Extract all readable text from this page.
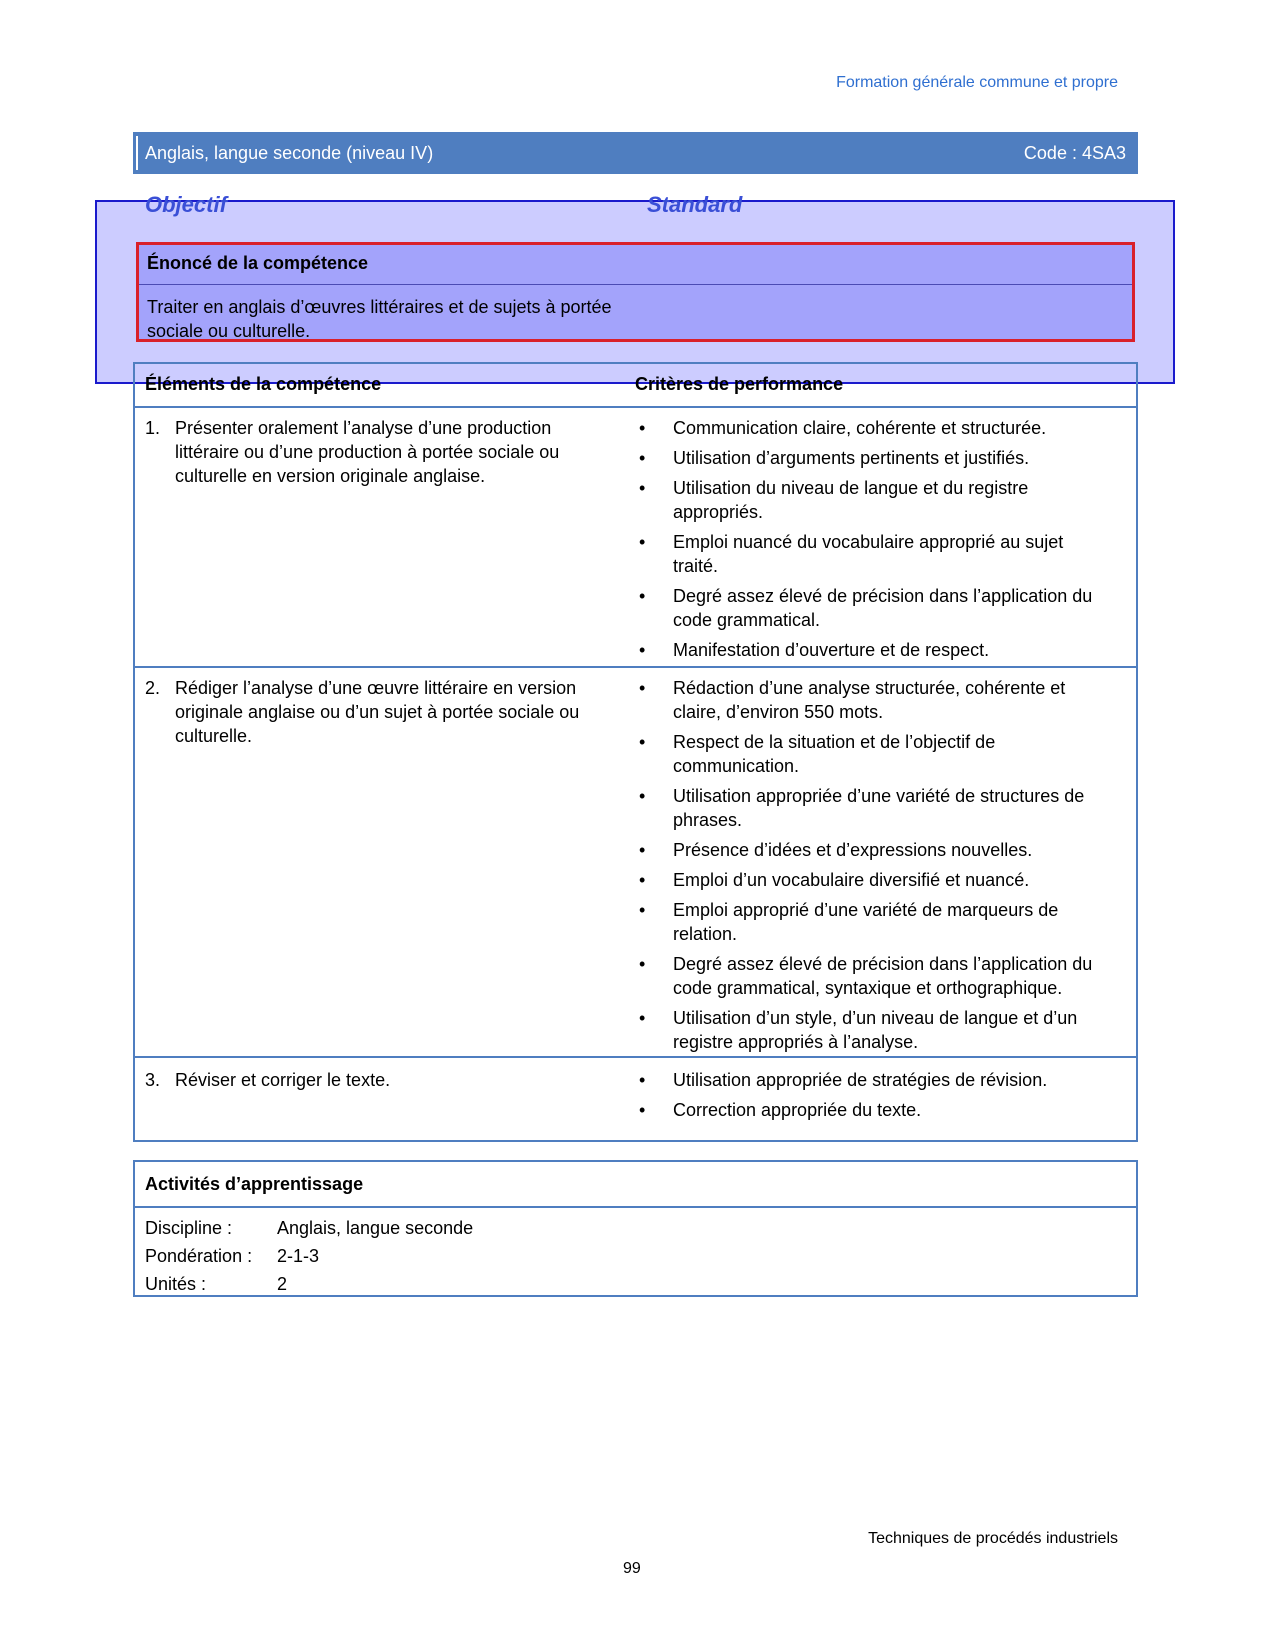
Formation générale commune et propre
Anglais, langue seconde (niveau IV)	Code : 4SA3
Objectif	Standard
Énoncé de la compétence
Traiter en anglais d’œuvres littéraires et de sujets à portée sociale ou culturelle.
Éléments de la compétence	Critères de performance
1. Présenter oralement l’analyse d’une production littéraire ou d’une production à portée sociale ou culturelle en version originale anglaise.
• Communication claire, cohérente et structurée.
• Utilisation d’arguments pertinents et justifiés.
• Utilisation du niveau de langue et du registre appropriés.
• Emploi nuancé du vocabulaire approprié au sujet traité.
• Degré assez élevé de précision dans l’application du code grammatical.
• Manifestation d’ouverture et de respect.
2. Rédiger l’analyse d’une œuvre littéraire en version originale anglaise ou d’un sujet à portée sociale ou culturelle.
• Rédaction d’une analyse structurée, cohérente et claire, d’environ 550 mots.
• Respect de la situation et de l’objectif de communication.
• Utilisation appropriée d’une variété de structures de phrases.
• Présence d’idées et d’expressions nouvelles.
• Emploi d’un vocabulaire diversifié et nuancé.
• Emploi approprié d’une variété de marqueurs de relation.
• Degré assez élevé de précision dans l’application du code grammatical, syntaxique et orthographique.
• Utilisation d’un style, d’un niveau de langue et d’un registre appropriés à l’analyse.
3. Réviser et corriger le texte.	• Utilisation appropriée de stratégies de révision.
• Correction appropriée du texte.
Activités d’apprentissage
Discipline : Anglais, langue seconde
Pondération : 2-1-3
Unités :	2
Techniques de procédés industriels
99
